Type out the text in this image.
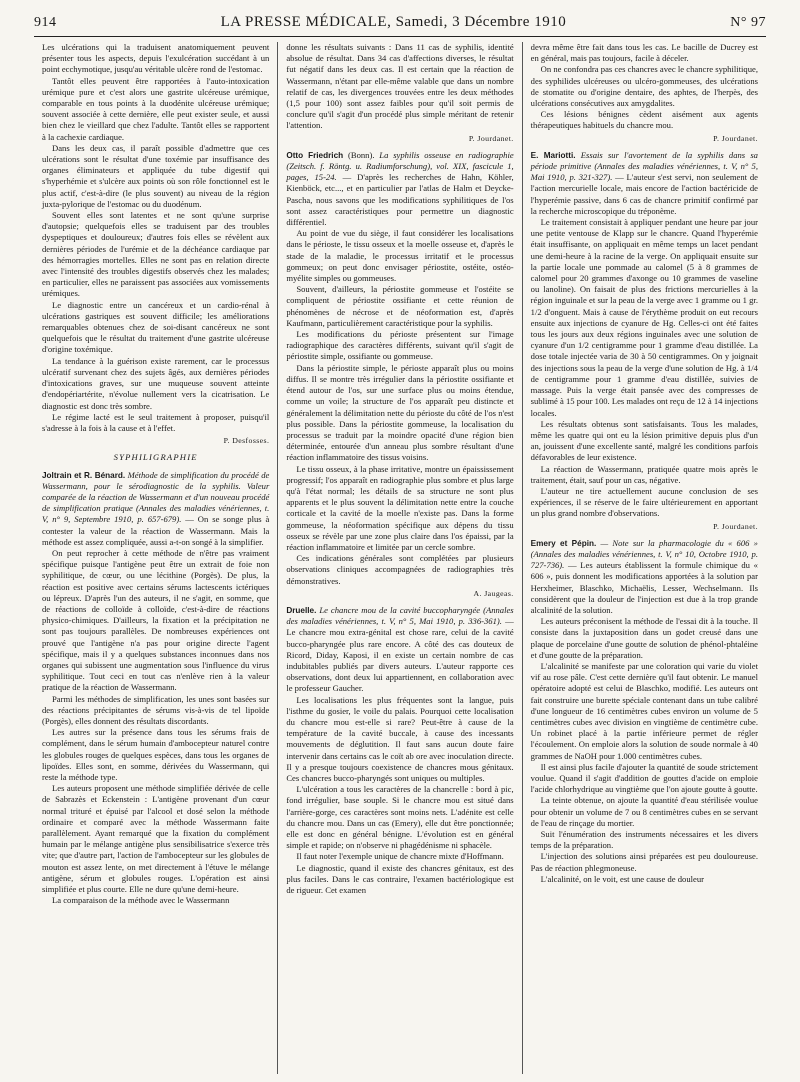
914	LA PRESSE MÉDICALE, Samedi, 3 Décembre 1910	N° 97

Les ulcérations qui la traduisent anatomiquement peuvent présenter tous les aspects, depuis l'exulcération succédant à un point ecchymotique, jusqu'au véritable ulcère rond de l'estomac.

Tantôt elles peuvent être rapportées à l'auto-intoxication urémique pure et c'est alors une gastrite ulcéreuse urémique, comparable en tous points à la duodénite ulcéreuse urémique; souvent associée à cette dernière, elle peut exister seule, et aussi bien chez le vieillard que chez l'adulte. Tantôt elles se rapportent à la cachexie cardiaque.

Dans les deux cas, il paraît possible d'admettre que ces ulcérations sont le résultat d'une toxémie par insuffisance des organes éliminateurs et appliquée du tube digestif qui s'hyperhémie et s'ulcère aux points où son rôle fonctionnel est le plus actif, c'est-à-dire (le plus souvent) au niveau de la région juxta-pylorique de l'estomac ou du duodénum.

Souvent elles sont latentes et ne sont qu'une surprise d'autopsie; quelquefois elles se traduisent par des troubles dyspeptiques et douloureux; d'autres fois elles se révèlent aux dernières périodes de l'urémie et de la déchéance cardiaque par des hémorragies mortelles. Elles ne sont pas en relation directe avec l'intensité des troubles digestifs observés chez les malades; en particulier, elles ne paraissent pas associées aux vomissements urémiques.

Le diagnostic entre un cancéreux et un cardio-rénal à ulcérations gastriques est souvent difficile; les améliorations remarquables obtenues chez de soi-disant cancéreux ne sont quelquefois que le résultat du traitement d'une gastrite ulcéreuse d'origine toxémique.

La tendance à la guérison existe rarement, car le processus ulcératif survenant chez des sujets âgés, aux dernières périodes d'intoxications graves, sur une muqueuse souvent atteinte d'endopériartérite, n'évolue nullement vers la cicatrisation. Le diagnostic est donc très sombre.

Le régime lacté est le seul traitement à proposer, puisqu'il s'adresse à la fois à la cause et à l'effet.

P. Desfosses.
SYPHILIGRAPHIE

Joltrain et R. Bénard. Méthode de simplification du procédé de Wassermann, pour le sérodiagnostic de la syphilis. Valeur comparée de la réaction de Wassermann et d'un nouveau procédé de simplification pratique (Annales des maladies vénériennes, t. V, n° 9, Septembre 1910, p. 657-679). — On se songe plus à contester la valeur de la réaction de Wassermann. Mais la méthode est assez compliquée, aussi a-t-on songé à la simplifier.

On peut reprocher à cette méthode de n'être pas vraiment spécifique puisque l'antigène peut être un extrait de foie non syphilitique, de cœur, ou une lécithine (Porgès). De plus, la réaction est positive avec certains sérums lactescents ictériques ou lépreux. D'après l'un des auteurs, il ne s'agit, en somme, que de réactions de colloïde à colloïde, c'est-à-dire de réactions physico-chimiques. D'ailleurs, la fixation et la précipitation ne sont pas toujours parallèles. De nombreuses expériences ont prouvé que l'antigène n'a pas pour origine directe l'agent spécifique, mais il y a quelques substances inconnues dans nos organes qui subissent une augmentation sous l'influence du virus syphilitique. Tout ceci en tout cas n'enlève rien à la valeur pratique de la réaction de Wassermann.

Parmi les méthodes de simplification, les unes sont basées sur des réactions précipitantes de sérums vis-à-vis de tel lipoïde (Porgès), elles donnent des résultats discordants.

Les autres sur la présence dans tous les sérums frais de complément, dans le sérum humain d'ambocepteur naturel contre les globules rouges de quelques espèces, dans tous les organes de lipoïdes. Elles sont, en somme, dérivées du Wassermann, qui reste la méthode type.

Les auteurs proposent une méthode simplifiée dérivée de celle de Sabrazès et Eckenstein : L'antigène provenant d'un cœur normal trituré et épuisé par l'alcool et dosé selon la méthode ordinaire et comparé avec la méthode Wassermann faite parallèlement. Ayant remarqué que la fixation du complément humain par le mélange antigène plus sensibilisatrice s'exerce très vite; que d'autre part, l'action de l'ambocepteur sur les globules de mouton est assez lente, on met directement à l'étuve le mélange antigène, sérum et globules rouges. L'opération est ainsi simplifiée et plus courte. Elle ne dure qu'une demi-heure.

La comparaison de la méthode avec le Wassermann

donne les résultats suivants : Dans 11 cas de syphilis, identité absolue de résultat. Dans 34 cas d'affections diverses, le résultat fut négatif dans les deux cas. Il est certain que la réaction de Wassermann, n'étant par elle-même valable que dans un nombre relatif de cas, les divergences trouvées entre les deux méthodes (1,5 pour 100) sont assez faibles pour qu'il soit permis de conclure qu'il s'agit d'un procédé plus simple méritant de retenir l'attention.

P. Jourdanet.

Otto Friedrich (Bonn). La syphilis osseuse en radiographie (Zeitsch. f. Röntg. u. Radiumforschung), vol. XIX, fascicule 1, pages, 15-24. — D'après les recherches de Hahn, Köhler, Kienböck, etc..., et en particulier par l'atlas de Halm et Deycke-Pascha, nous savons que les modifications syphilitiques de l'os sont assez caractéristiques pour permettre un diagnostic différentiel.

Au point de vue du siège, il faut considérer les localisations dans le périoste, le tissu osseux et la moelle osseuse et, d'après le stade de la maladie, le processus irritatif et le processus gommeux; on peut donc envisager périostite, ostéite, ostéo-myélite simples ou gommeuses.

Souvent, d'ailleurs, la périostite gommeuse et l'ostéite se compliquent de périostite ossifiante et cette réunion de phénomènes de nécrose et de néoformation est, d'après Kaufmann, particulièrement caractéristique pour la syphilis.

Les modifications du périoste présentent sur l'image radiographique des caractères différents, suivant qu'il s'agit de périostite simple, ossifiante ou gommeuse.

Dans la périostite simple, le périoste apparaît plus ou moins diffus. Il se montre très irrégulier dans la périostite ossifiante et étend autour de l'os, sur une surface plus ou moins étendue, comme un voile; la structure de l'os apparaît peu distincte et généralement la délimitation nette du périoste du côté de l'os n'est plus possible. Dans la périostite gommeuse, la localisation du processus se traduit par la moindre opacité d'une région bien déterminée, entourée d'un anneau plus sombre résultant d'une réaction inflammatoire des tissus voisins.

Le tissu osseux, à la phase irritative, montre un épaississement progressif; l'os apparaît en radiographie plus sombre et plus large qu'à l'état normal; les détails de sa structure ne sont plus apparents et le plus souvent la délimitation nette entre la couche corticale et la cavité de la moelle n'existe pas. Dans la forme gommeuse, la néoformation spécifique aux dépens du tissu osseux se révèle par une zone plus claire dans l'os épaissi, par la réaction inflammatoire et limitée par un cercle sombre.

Ces indications générales sont complétées par plusieurs observations cliniques accompagnées de radiographies très démonstratives.

A. Jaugeas.

Druelle. Le chancre mou de la cavité buccopharyngée (Annales des maladies vénériennes, t. V, n° 5, Mai 1910, p. 336-361). — Le chancre mou extra-génital est chose rare, celui de la cavité bucco-pharyngée plus rare encore. A côté des cas douteux de Ricord, Diday, Kaposi, il en existe un certain nombre de cas indubitables publiés par divers auteurs. L'auteur rapporte ces observations, dont deux lui appartiennent, en collaboration avec le professeur Gaucher.

Les localisations les plus fréquentes sont la langue, puis l'isthme du gosier, le voile du palais. Pourquoi cette localisation du chancre mou est-elle si rare? Peut-être à cause de la température de la cavité buccale, à cause des incessants mouvements de déglutition. Il faut sans aucun doute faire intervenir dans certains cas le coït ab ore avec inoculation directe. Il y a presque toujours coexistence de chancres mous génitaux. Ces chancres bucco-pharyngés sont uniques ou multiples.

L'ulcération a tous les caractères de la chancrelle : bord à pic, fond irrégulier, base souple. Si le chancre mou est situé dans l'arrière-gorge, ces caractères sont moins nets. L'adénite est celle du chancre mou. Dans un cas (Emery), elle dut être ponctionnée; elle est donc en général bénigne. L'évolution est en général simple et rapide; on n'observe ni phagédénisme ni sphacèle.

Il faut noter l'exemple unique de chancre mixte d'Hoffmann.

Le diagnostic, quand il existe des chancres génitaux, est des plus faciles. Dans le cas contraire, l'examen bactériologique est de rigueur. Cet examen

devra même être fait dans tous les cas. Le bacille de Ducrey est en général, mais pas toujours, facile à déceler.

On ne confondra pas ces chancres avec le chancre syphilitique, des syphilides ulcéreuses ou ulcéro-gommeuses, des ulcérations de stomatite ou d'origine dentaire, des aphtes, de l'herpès, des ulcérations consécutives aux amygdalites.

Ces lésions bénignes cèdent aisément aux agents thérapeutiques habituels du chancre mou.

P. Jourdanet.

E. Mariotti. Essais sur l'avortement de la syphilis dans sa période primitive (Annales des maladies vénériennes, t. V, n° 5, Mai 1910, p. 321-327). — L'auteur s'est servi, non seulement de l'action mercurielle locale, mais encore de l'action bactéricide de l'hyperémie passive, dans 6 cas de chancre primitif confirmé par la recherche microscopique du tréponème.

Le traitement consistait à appliquer pendant une heure par jour une petite ventouse de Klapp sur le chancre. Quand l'hyperémie était insuffisante, on appliquait en même temps un lacet pendant une demi-heure à la racine de la verge. On appliquait ensuite sur la partie locale une pommade au calomel (5 à 8 grammes de calomel pour 20 grammes d'axonge ou 10 grammes de vaseline ou lanoline). On faisait de plus des frictions mercurielles à la région inguinale et sur la peau de la verge avec 1 gramme ou 1 gr. 1/2 d'onguent. Mais à cause de l'érythème produit on eut recours ensuite aux injections de cyanure de Hg. Celles-ci ont été faites tous les jours aux deux régions inguinales avec une solution de cyanure d'un 1/2 centigramme pour 1 gramme d'eau distillée. La dose totale injectée varia de 30 à 50 centigrammes. On y joignait des injections sous la peau de la verge d'une solution de Hg. à 1/4 de centigramme pour 1 gramme d'eau distillée, suivies de massage. Puis la verge était pansée avec des compresses de sublimé à 15 pour 100. Les malades ont reçu de 12 à 14 injections locales.

Les résultats obtenus sont satisfaisants. Tous les malades, même les quatre qui ont eu la lésion primitive depuis plus d'un an, jouissent d'une excellente santé, malgré les conditions parfois défavorables de leur existence.

La réaction de Wassermann, pratiquée quatre mois après le traitement, était, sauf pour un cas, négative.

L'auteur ne tire actuellement aucune conclusion de ses expériences, il se réserve de le faire ultérieurement en apportant un plus grand nombre d'observations.

P. Jourdanet.

Emery et Pépin. — Note sur la pharmacologie du « 606 » (Annales des maladies vénériennes, t. V, n° 10, Octobre 1910, p. 727-736). — Les auteurs établissent la formule chimique du « 606 », puis donnent les modifications apportées à la solution par Herxheimer, Blaschko, Michaëlis, Lesser, Wechselmann. Ils considèrent que la douleur de l'injection est due à la trop grande alcalinité de la solution.

Les auteurs préconisent la méthode de l'essai dit à la touche. Il consiste dans la juxtaposition dans un godet creusé dans une plaque de porcelaine d'une goutte de solution de phénol-phtaléine et d'une goutte de la préparation.

L'alcalinité se manifeste par une coloration qui varie du violet vif au rose pâle. C'est cette dernière qu'il faut obtenir. Le manuel opératoire adopté est celui de Blaschko, modifié. Les auteurs ont fait construire une burette spéciale contenant dans un tube calibré d'une longueur de 16 centimètres cubes environ un volume de 5 centimètres cubes avec division en vingtième de centimètre cube. Un robinet placé à la partie inférieure permet de régler l'écoulement. On emploie alors la solution de soude normale à 40 grammes de NaOH pour 1.000 centimètres cubes.

Il est ainsi plus facile d'ajouter la quantité de soude strictement voulue. Quand il s'agit d'addition de gouttes d'acide on emploie l'acide chlorhydrique au vingtième que l'on ajoute goutte à goutte.

La teinte obtenue, on ajoute la quantité d'eau stérilisée voulue pour obtenir un volume de 7 ou 8 centimètres cubes en se servant de l'eau de rinçage du mortier.

Suit l'énumération des instruments nécessaires et les divers temps de la préparation.

L'injection des solutions ainsi préparées est peu douloureuse. Pas de réaction phlegmoneuse.

L'alcalinité, on le voit, est une cause de douleur
